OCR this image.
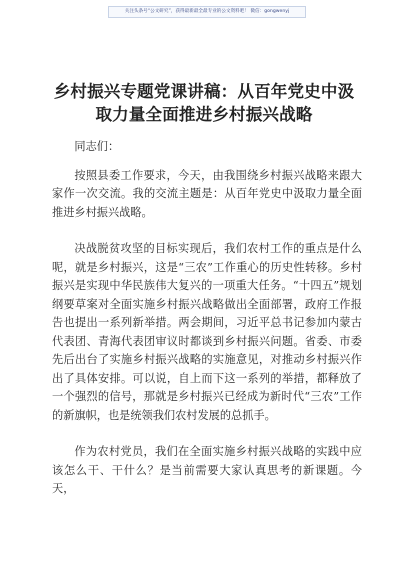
关注头条号“公文研究”，获得最新最全最专业的公文资料吧！ 微信：gongwenyj
乡村振兴专题党课讲稿：从百年党史中汲取力量全面推进乡村振兴战略

同志们：

按照县委工作要求，今天，由我围绕乡村振兴战略来跟大家作一次交流。我的交流主题是：从百年党史中汲取力量全面推进乡村振兴战略。

决战脱贫攻坚的目标实现后，我们农村工作的重点是什么呢，就是乡村振兴，这是“三农”工作重心的历史性转移。乡村振兴是实现中华民族伟大复兴的一项重大任务。“十四五”规划纲要草案对全面实施乡村振兴战略做出全面部署，政府工作报告也提出一系列新举措。两会期间，习近平总书记参加内蒙古代表团、青海代表团审议时都谈到乡村振兴问题。省委、市委先后出台了实施乡村振兴战略的实施意见，对推动乡村振兴作出了具体安排。可以说，自上而下这一系列的举措，都释放了一个强烈的信号，那就是乡村振兴已经成为新时代“三农”工作的新旗帜，也是统领我们农村发展的总抓手。

作为农村党员，我们在全面实施乡村振兴战略的实践中应该怎么干、干什么？是当前需要大家认真思考的新课题。今天，
